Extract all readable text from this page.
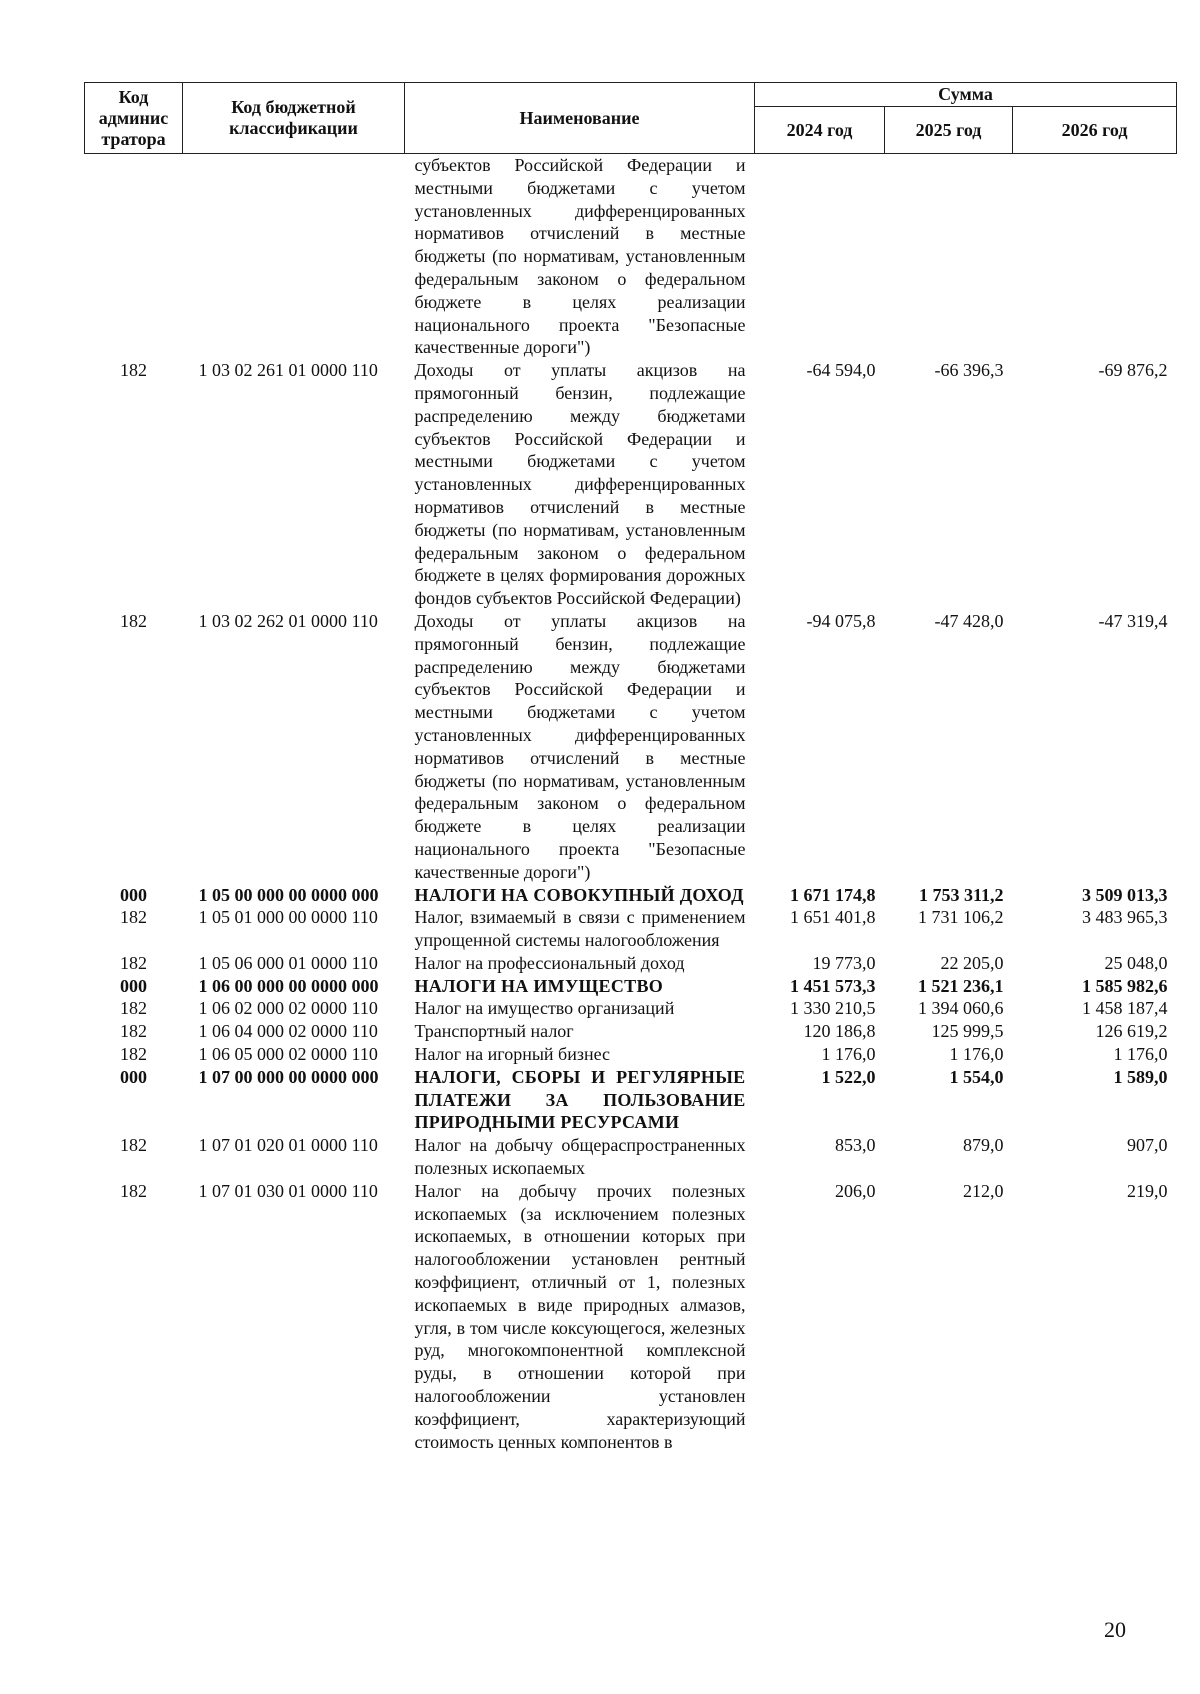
Код админис тратора	Код бюджетной классификации	Наименование	Сумма		
			2024 год	2025 год	2026 год
		субъектов Российской Федерации и местными бюджетами с учетом установленных дифференцированных нормативов отчислений в местные бюджеты (по нормативам, установленным федеральным законом о федеральном бюджете в целях реализации национального проекта "Безопасные качественные дороги")			
182	1 03 02 261 01 0000 110	Доходы от уплаты акцизов на прямогонный бензин, подлежащие распределению между бюджетами субъектов Российской Федерации и местными бюджетами с учетом установленных дифференцированных нормативов отчислений в местные бюджеты (по нормативам, установленным федеральным законом о федеральном бюджете в целях формирования дорожных фондов субъектов Российской Федерации)	-64 594,0	-66 396,3	-69 876,2
182	1 03 02 262 01 0000 110	Доходы от уплаты акцизов на прямогонный бензин, подлежащие распределению между бюджетами субъектов Российской Федерации и местными бюджетами с учетом установленных дифференцированных нормативов отчислений в местные бюджеты (по нормативам, установленным федеральным законом о федеральном бюджете в целях реализации национального проекта "Безопасные качественные дороги")	-94 075,8	-47 428,0	-47 319,4
000	1 05 00 000 00 0000 000	НАЛОГИ НА СОВОКУПНЫЙ ДОХОД	1 671 174,8	1 753 311,2	3 509 013,3
182	1 05 01 000 00 0000 110	Налог, взимаемый в связи с применением упрощенной системы налогообложения	1 651 401,8	1 731 106,2	3 483 965,3
182	1 05 06 000 01 0000 110	Налог на профессиональный доход	19 773,0	22 205,0	25 048,0
000	1 06 00 000 00 0000 000	НАЛОГИ НА ИМУЩЕСТВО	1 451 573,3	1 521 236,1	1 585 982,6
182	1 06 02 000 02 0000 110	Налог на имущество организаций	1 330 210,5	1 394 060,6	1 458 187,4
182	1 06 04 000 02 0000 110	Транспортный налог	120 186,8	125 999,5	126 619,2
182	1 06 05 000 02 0000 110	Налог на игорный бизнес	1 176,0	1 176,0	1 176,0
000	1 07 00 000 00 0000 000	НАЛОГИ, СБОРЫ И РЕГУЛЯРНЫЕ ПЛАТЕЖИ ЗА ПОЛЬЗОВАНИЕ ПРИРОДНЫМИ РЕСУРСАМИ	1 522,0	1 554,0	1 589,0
182	1 07 01 020 01 0000 110	Налог на добычу общераспространенных полезных ископаемых	853,0	879,0	907,0
182	1 07 01 030 01 0000 110	Налог на добычу прочих полезных ископаемых (за исключением полезных ископаемых, в отношении которых при налогообложении установлен рентный коэффициент, отличный от 1, полезных ископаемых в виде природных алмазов, угля, в том числе коксующегося, железных руд, многокомпонентной комплексной руды, в отношении которой при налогообложении установлен коэффициент, характеризующий стоимость ценных компонентов в	206,0	212,0	219,0
20
